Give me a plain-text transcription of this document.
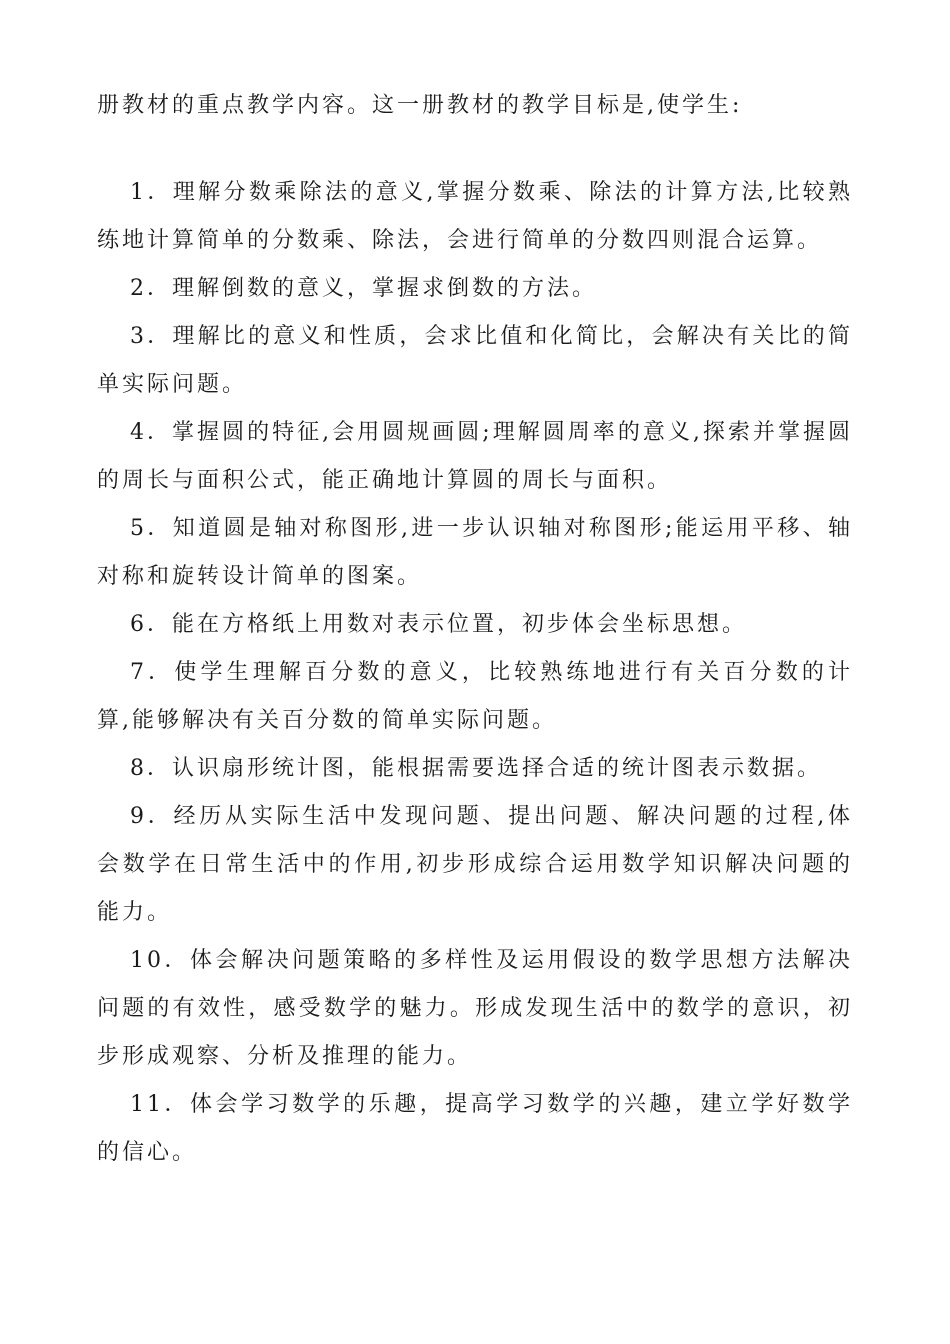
册教材的重点教学内容。这一册教材的教学目标是,使学生:

1．理解分数乘除法的意义,掌握分数乘、除法的计算方法,比较熟练地计算简单的分数乘、除法，会进行简单的分数四则混合运算。

2．理解倒数的意义，掌握求倒数的方法。

3．理解比的意义和性质，会求比值和化简比，会解决有关比的简单实际问题。

4．掌握圆的特征,会用圆规画圆;理解圆周率的意义,探索并掌握圆的周长与面积公式，能正确地计算圆的周长与面积。

5．知道圆是轴对称图形,进一步认识轴对称图形;能运用平移、轴对称和旋转设计简单的图案。

6．能在方格纸上用数对表示位置，初步体会坐标思想。

7．使学生理解百分数的意义，比较熟练地进行有关百分数的计算,能够解决有关百分数的简单实际问题。

8．认识扇形统计图，能根据需要选择合适的统计图表示数据。

9．经历从实际生活中发现问题、提出问题、解决问题的过程,体会数学在日常生活中的作用,初步形成综合运用数学知识解决问题的能力。

10．体会解决问题策略的多样性及运用假设的数学思想方法解决问题的有效性，感受数学的魅力。形成发现生活中的数学的意识，初步形成观察、分析及推理的能力。

11．体会学习数学的乐趣，提高学习数学的兴趣，建立学好数学的信心。
